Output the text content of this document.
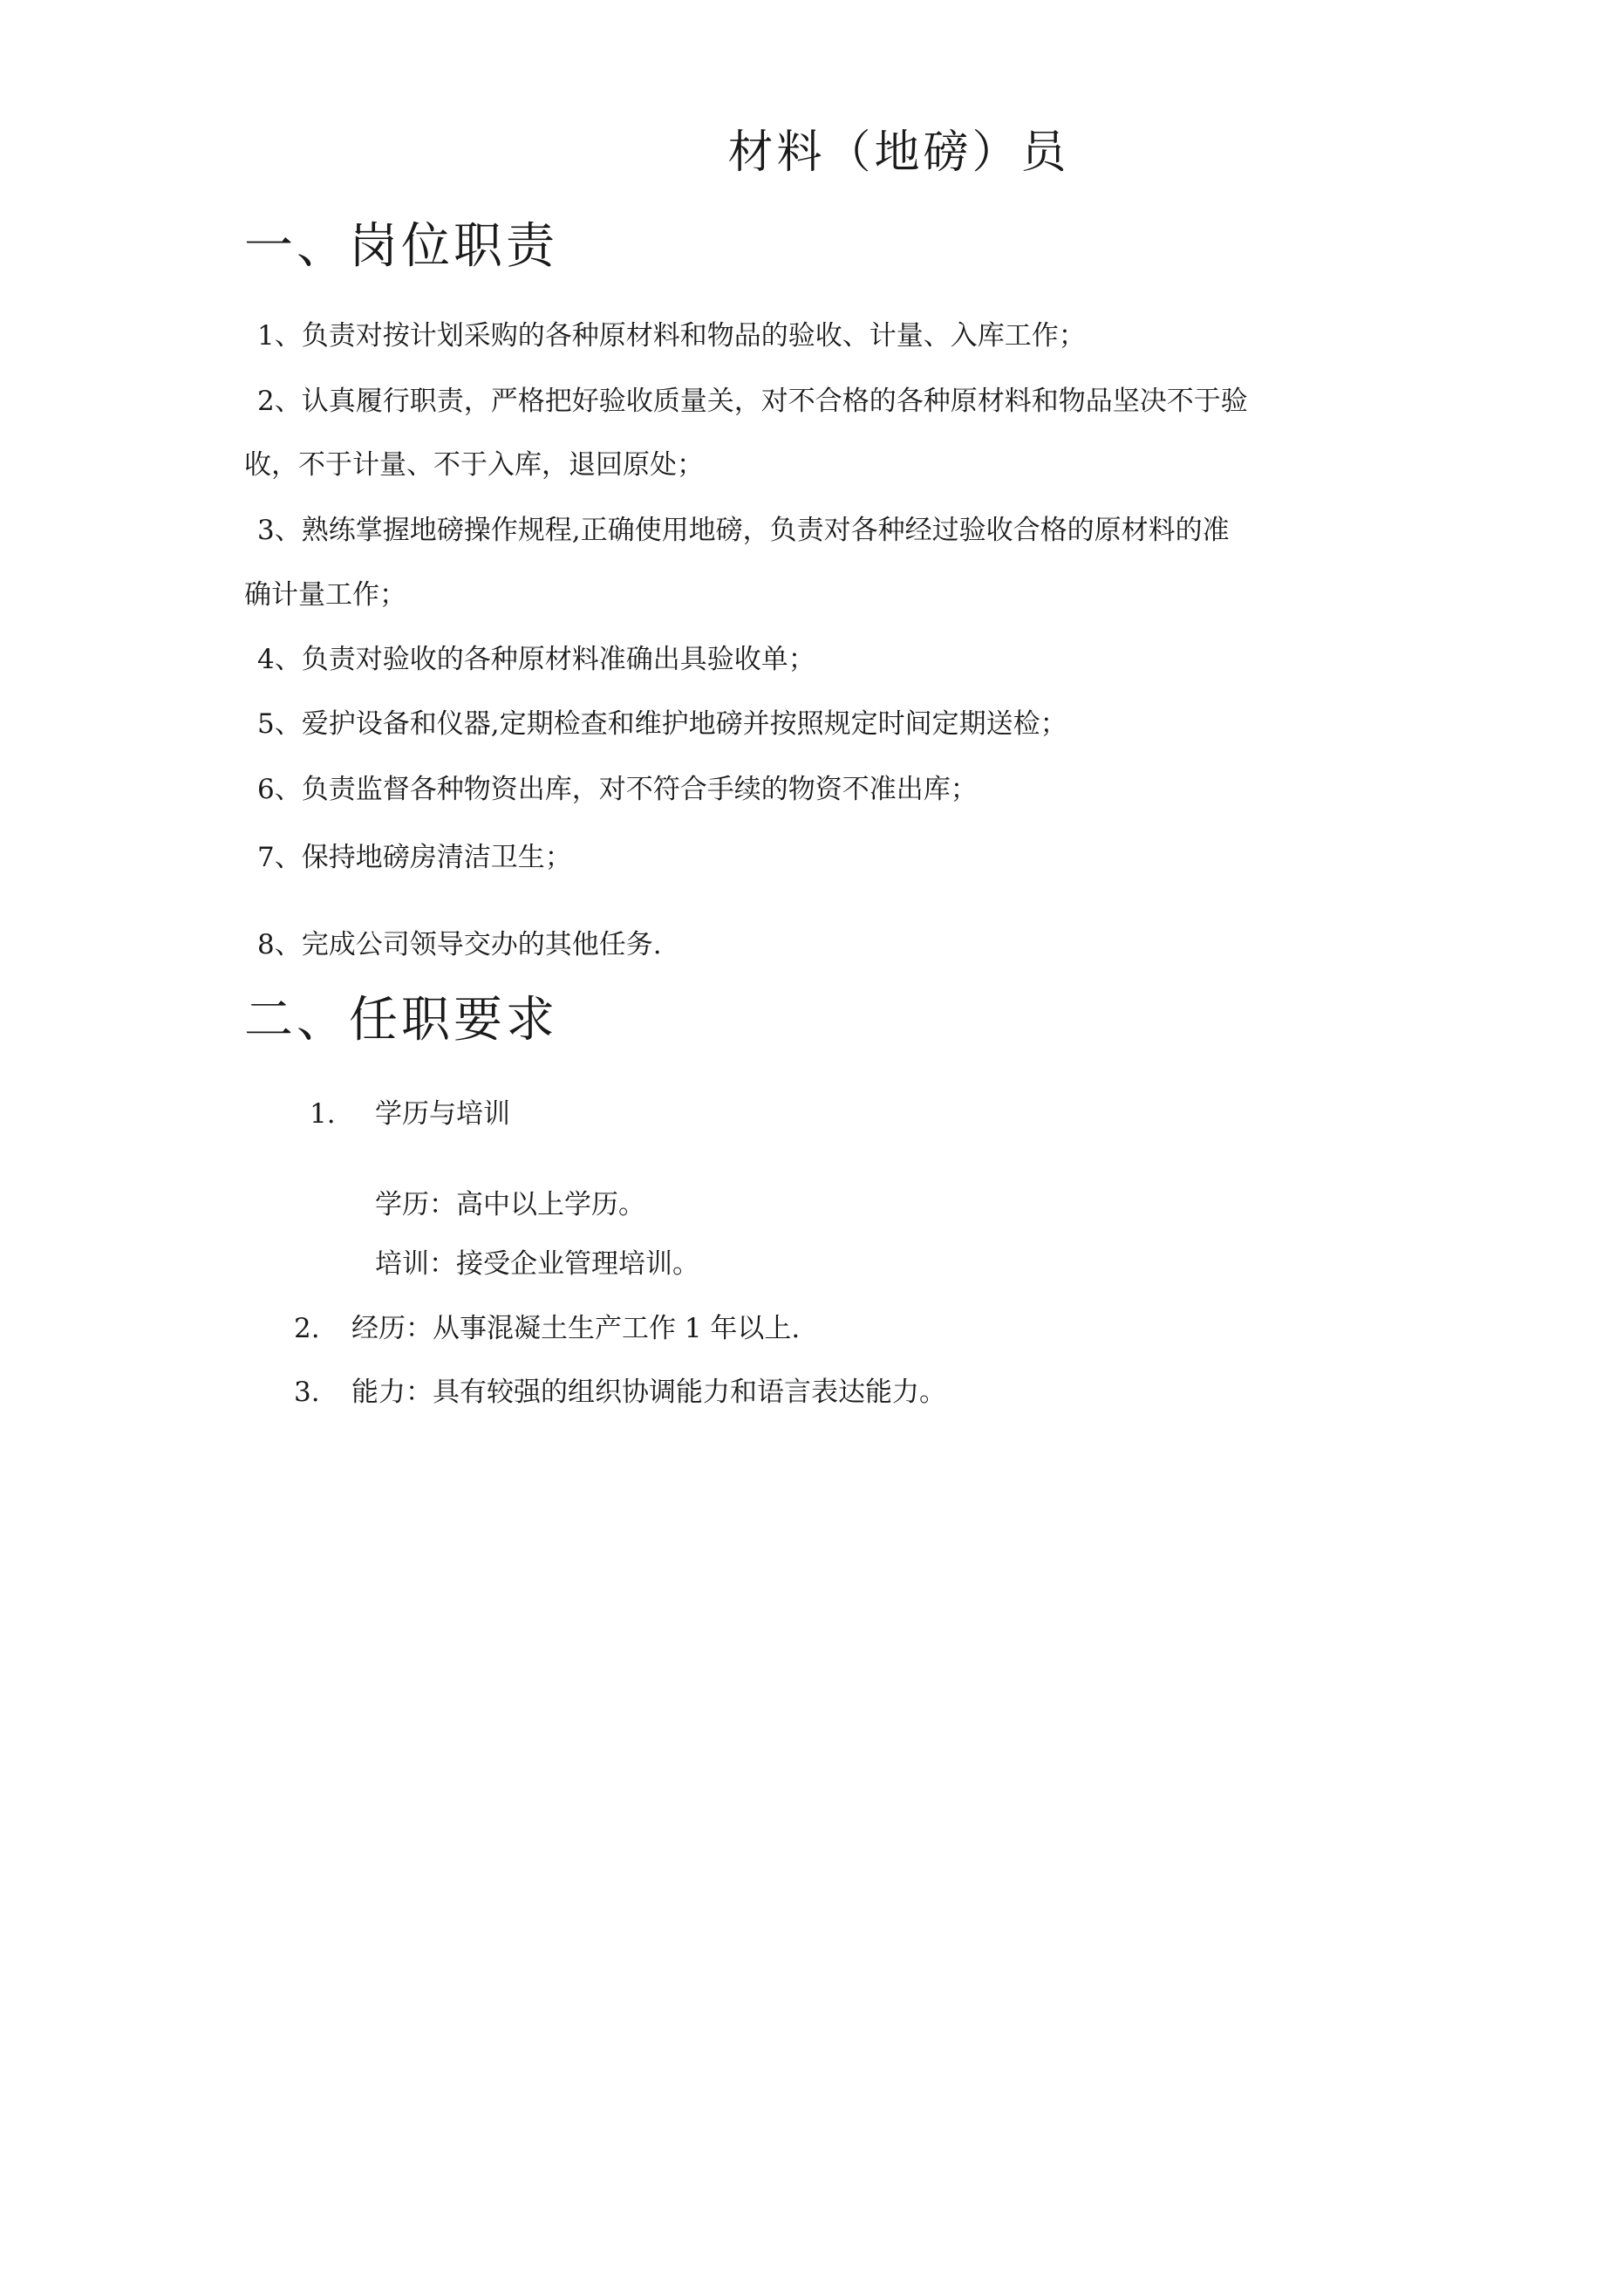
材料（地磅）员
一、岗位职责

1、负责对按计划采购的各种原材料和物品的验收、计量、入库工作；

2、认真履行职责，严格把好验收质量关，对不合格的各种原材料和物品坚决不于验

收，不于计量、不于入库，退回原处；

3、熟练掌握地磅操作规程,正确使用地磅，负责对各种经过验收合格的原材料的准

确计量工作；

4、负责对验收的各种原材料准确出具验收单；

5、爱护设备和仪器,定期检查和维护地磅并按照规定时间定期送检；

6、负责监督各种物资出库，对不符合手续的物资不准出库；

7、保持地磅房清洁卫生；

8、完成公司领导交办的其他任务.

二、任职要求
1. 学历与培训

学历：高中以上学历。

培训：接受企业管理培训。

2. 经历：从事混凝土生产工作 1 年以上.
3. 能力：具有较强的组织协调能力和语言表达能力。
